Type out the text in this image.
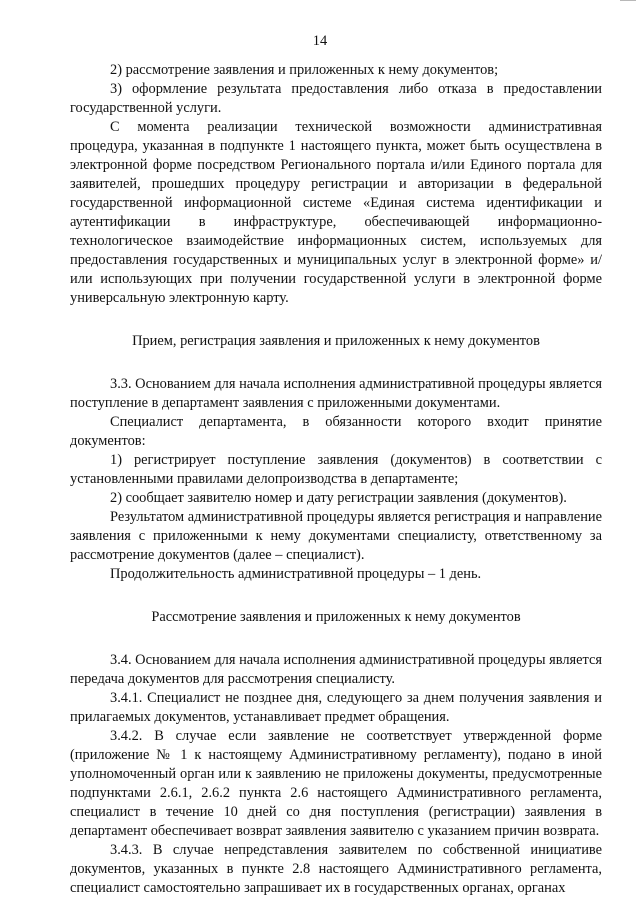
14

2) рассмотрение заявления и приложенных к нему документов;

3) оформление результата предоставления либо отказа в предоставлении государственной услуги.

С момента реализации технической возможности административная процедура, указанная в подпункте 1 настоящего пункта, может быть осуществлена в электронной форме посредством Регионального портала и/или Единого портала для заявителей, прошедших процедуру регистрации и авторизации в федеральной государственной информационной системе «Единая система идентификации и аутентификации в инфраструктуре, обеспечивающей информационно-технологическое взаимодействие информационных систем, используемых для предоставления государственных и муниципальных услуг в электронной форме» и/или использующих при получении государственной услуги в электронной форме универсальную электронную карту.

Прием, регистрация заявления и приложенных к нему документов

3.3. Основанием для начала исполнения административной процедуры является поступление в департамент заявления с приложенными документами.

Специалист департамента, в обязанности которого входит принятие документов:

1) регистрирует поступление заявления (документов) в соответствии с установленными правилами делопроизводства в департаменте;

2) сообщает заявителю номер и дату регистрации заявления (документов).

Результатом административной процедуры является регистрация и направление заявления с приложенными к нему документами специалисту, ответственному за рассмотрение документов (далее – специалист).

Продолжительность административной процедуры – 1 день.

Рассмотрение заявления и приложенных к нему документов

3.4. Основанием для начала исполнения административной процедуры является передача документов для рассмотрения специалисту.

3.4.1. Специалист не позднее дня, следующего за днем получения заявления и прилагаемых документов, устанавливает предмет обращения.

3.4.2. В случае если заявление не соответствует утвержденной форме (приложение № 1 к настоящему Административному регламенту), подано в иной уполномоченный орган или к заявлению не приложены документы, предусмотренные подпунктами 2.6.1, 2.6.2 пункта 2.6 настоящего Административного регламента, специалист в течение 10 дней со дня поступления (регистрации) заявления в департамент обеспечивает возврат заявления заявителю с указанием причин возврата.

3.4.3. В случае непредставления заявителем по собственной инициативе документов, указанных в пункте 2.8 настоящего Административного регламента, специалист самостоятельно запрашивает их в государственных органах, органах
